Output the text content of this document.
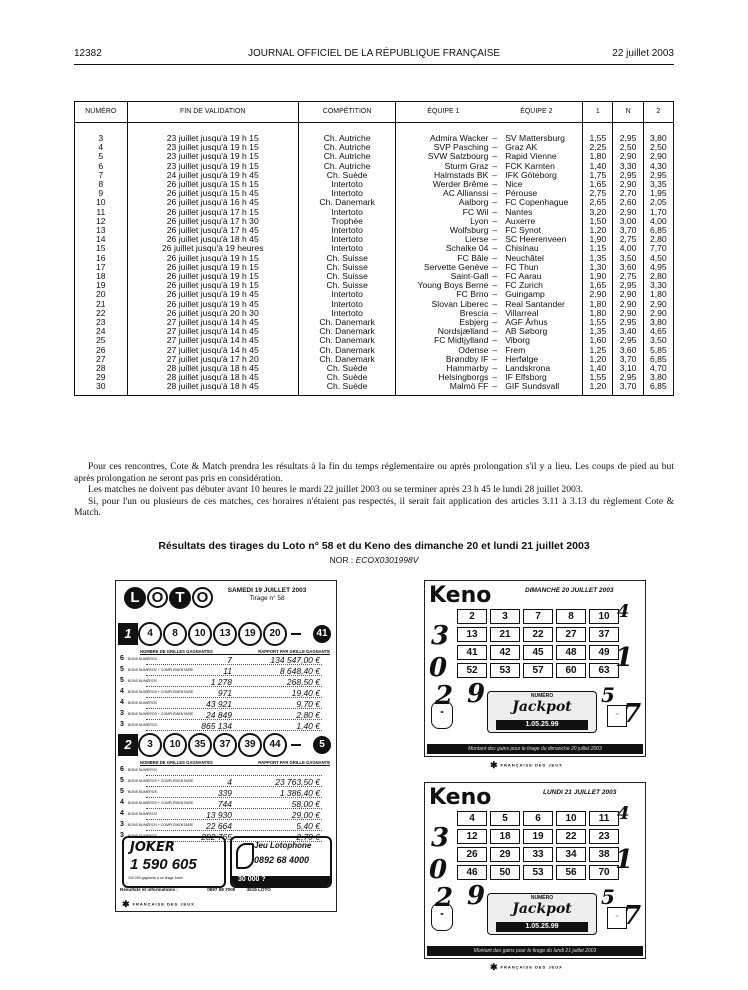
12382	JOURNAL OFFICIEL DE LA RÉPUBLIQUE FRANÇAISE	22 juillet 2003
NUMÉRO	FIN DE VALIDATION	COMPÉTITION	ÉQUIPE 1	ÉQUIPE 2	1	N	2

3	23 juillet jusqu'à 19 h 15	Ch. Autriche	Admira Wacker	– SV Mattersburg	1,55	2,95	3,80
4	23 juillet jusqu'à 19 h 15	Ch. Autriche	SVP Pasching	– Graz AK	2,25	2,50	2,50
5	23 juillet jusqu'à 19 h 15	Ch. Autriche	SVW Salzbourg	– Rapid Vienne	1,80	2,90	2,90
6	23 juillet jusqu'à 19 h 15	Ch. Autriche	Sturm Graz	– FCK Karnten	1,40	3,30	4,30
7	24 juillet jusqu'à 19 h 45	Ch. Suède	Halmstads BK	– IFK Göteborg	1,75	2,95	2,95
8	26 juillet jusqu'à 15 h 15	Intertoto	Werder Brême	– Nice	1,65	2,90	3,35
9	26 juillet jusqu'à 15 h 45	Intertoto	AC Allianssi	– Pérouse	2,75	2,70	1,95
10	26 juillet jusqu'à 16 h 45	Ch. Danemark	Aalborg	– FC Copenhague	2,65	2,60	2,05
11	26 juillet jusqu'à 17 h 15	Intertoto	FC Wil	– Nantes	3,20	2,90	1,70
12	26 juillet jusqu'à 17 h 30	Trophée	Lyon	– Auxerre	1,50	3,00	4,00
13	26 juillet jusqu'à 17 h 45	Intertoto	Wolfsburg	– FC Synot	1,20	3,70	6,85
14	26 juillet jusqu'à 18 h 45	Intertoto	Lierse	– SC Heerenveen	1,90	2,75	2,80
15	26 juillet jusqu'à 19 heures	Intertoto	Schalke 04	– Chisinau	1,15	4,00	7,70
16	26 juillet jusqu'à 19 h 15	Ch. Suisse	FC Bâle	– Neuchâtel	1,35	3,50	4,50
17	26 juillet jusqu'à 19 h 15	Ch. Suisse	Servette Genève	– FC Thun	1,30	3,60	4,95
18	26 juillet jusqu'à 19 h 15	Ch. Suisse	Saint-Gall	– FC Aarau	1,90	2,75	2,80
19	26 juillet jusqu'à 19 h 15	Ch. Suisse	Young Boys Berne	– FC Zurich	1,65	2,95	3,30
20	26 juillet jusqu'à 19 h 45	Intertoto	FC Brno	– Guingamp	2,90	2,90	1,80
21	26 juillet jusqu'à 19 h 45	Intertoto	Slovan Liberec	– Real Santander	1,80	2,90	2,90
22	26 juillet jusqu'à 20 h 30	Intertoto	Brescia	– Villarreal	1,80	2,90	2,90
23	27 juillet jusqu'à 14 h 45	Ch. Danemark	Esbjerg	– AGF Århus	1,55	2,95	3,80
24	27 juillet jusqu'à 14 h 45	Ch. Danemark	Nordsjælland	– AB Søborg	1,35	3,40	4,65
25	27 juillet jusqu'à 14 h 45	Ch. Danemark	FC Midtjylland	– Viborg	1,60	2,95	3,50
26	27 juillet jusqu'à 14 h 45	Ch. Danemark	Odense	– Frem	1,25	3,60	5,85
27	27 juillet jusqu'à 17 h 20	Ch. Danemark	Brøndby IF	– Herfølge	1,20	3,70	6,85
28	28 juillet jusqu'à 18 h 45	Ch. Suède	Hammarby	– Landskrona	1,40	3,10	4,70
29	28 juillet jusqu'à 18 h 45	Ch. Suède	Helsingborgs	– IF Elfsborg	1,55	2,95	3,80
30	28 juillet jusqu'à 18 h 45	Ch. Suède	Malmö FF	– GIF Sundsvall	1,20	3,70	6,85

Pour ces rencontres, Cote & Match prendra les résultats à la fin du temps réglementaire ou après prolongation s'il y a lieu. Les coups de pied au but après prolongation ne seront pas pris en considération.

Les matches ne doivent pas débuter avant 10 heures le mardi 22 juillet 2003 ou se terminer après 23 h 45 le lundi 28 juillet 2003.

Si, pour l'un ou plusieurs de ces matches, ces horaires n'étaient pas respectés, il serait fait application des articles 3.11 à 3.13 du règlement Cote & Match.

Résultats des tirages du Loto n° 58 et du Keno des dimanche 20 et lundi 21 juillet 2003
NOR : ECOX0301998V
L O T O	SAMEDI 19 JUILLET 2003
Tirage n° 58
1	4	8	10	13	19	20	41
NOMBRE DE GRILLES GAGNANTES	RAPPORT PAR GRILLE GAGNANTE
6 BONS NUMÉROS	7	134 547,00 €
5 BONS NUMÉROS + COMPLÉMENTAIRE	11	8 648,40 €
5 BONS NUMÉROS	1 278	268,50 €
4 BONS NUMÉROS + COMPLÉMENTAIRE	971	19,40 €
4 BONS NUMÉROS	43 921	9,70 €
3 BONS NUMÉROS + COMPLÉMENTAIRE	24 849	2,80 €
3 BONS NUMÉROS	865 134	1,40 €
2	3	10	35	37	39	44	5
NOMBRE DE GRILLES GAGNANTES	RAPPORT PAR GRILLE GAGNANTE
6 BONS NUMÉROS
5 BONS NUMÉROS + COMPLÉMENTAIRE	4	23 763,50 €
5 BONS NUMÉROS	339	1 386,40 €
4 BONS NUMÉROS + COMPLÉMENTAIRE	744	58,00 €
4 BONS NUMÉROS	13 930	29,00 €
3 BONS NUMÉROS + COMPLÉMENTAIRE	22 664	5,40 €
3 BONS NUMÉROS	282 765	2,70 €
JOKER
1 590 605
100 000 gagnants à un tirage Joker
Jeu Lotophone
0892 68 4000
30 000 ?
Résultats et informations :	0897 68 7000 3615 LOTO
✱ FRANÇAISE DES JEUX
Keno	DIMANCHE 20 JUILLET 2003
2	3	7	8	10
13	21	22	27	37
41	42	45	48	49
52	53	57	60	63
3
0	1
4
2 9	5
7
☎
NUMÉRO
Jackpot
1.05.25.99
▭
Montant des gains pour le tirage du dimanche 20 juillet 2003
✱ FRANÇAISE DES JEUX
Keno	LUNDI 21 JUILLET 2003
4	5	6	10	11
12	18	19	22	23
26	29	33	34	38
46	50	53	56	70
3
0	1
4
2 9	5
7
☎
NUMÉRO
Jackpot
1.05.25.99
▭
Montant des gains pour le tirage du lundi 21 juillet 2003
✱ FRANÇAISE DES JEUX
